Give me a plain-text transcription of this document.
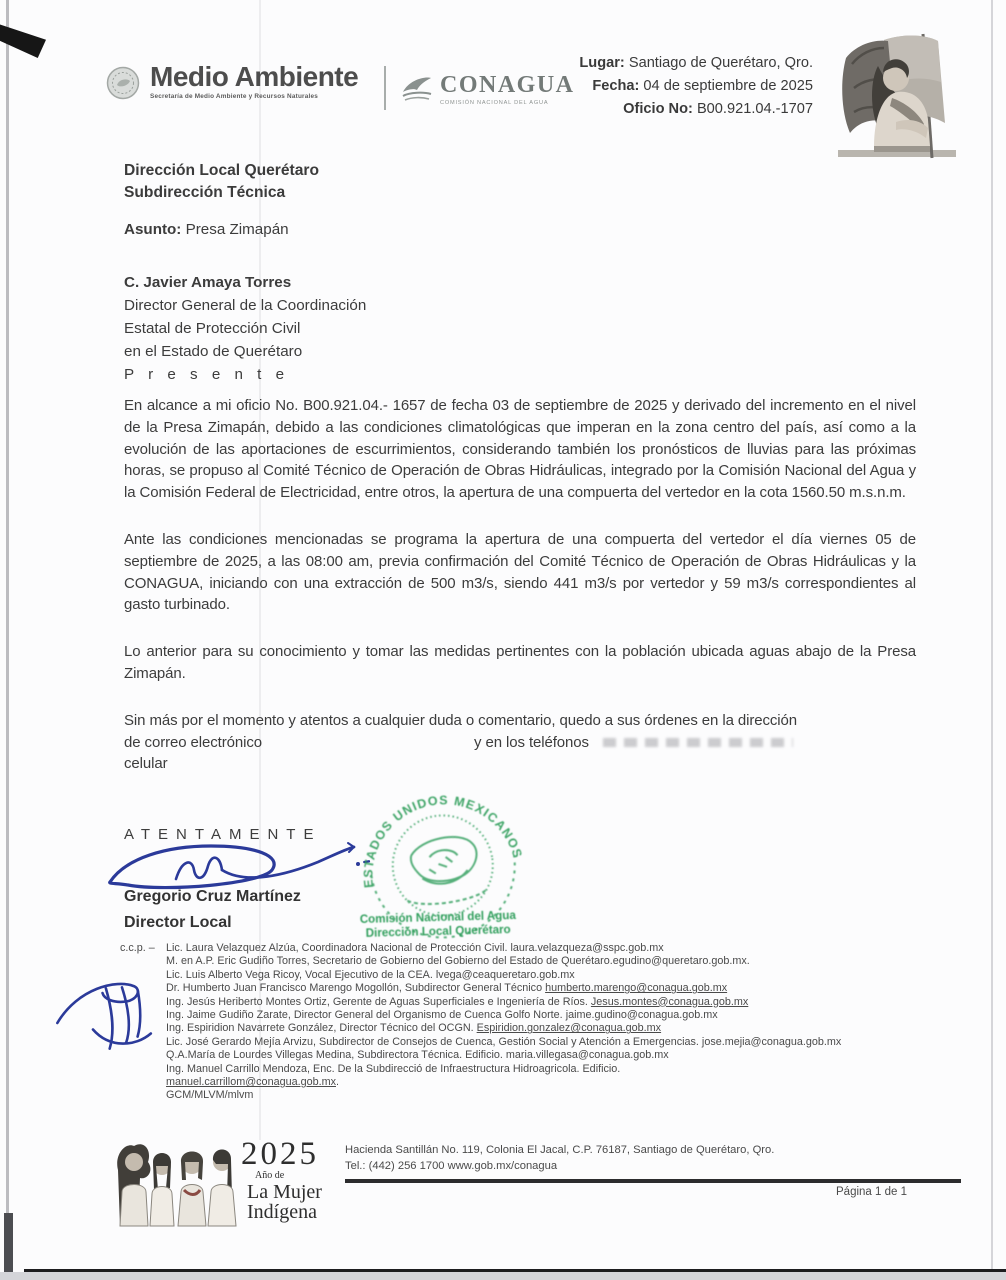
Medio Ambiente
Secretaría de Medio Ambiente y Recursos Naturales	CONAGUA
COMISIÓN NACIONAL DEL AGUA
Lugar: Santiago de Querétaro, Qro.
Fecha: 04 de septiembre de 2025
Oficio No: B00.921.04.-1707
Dirección Local Querétaro
Subdirección Técnica
Asunto: Presa Zimapán
C. Javier Amaya Torres
Director General de la Coordinación
Estatal de Protección Civil
en el Estado de Querétaro
P r e s e n t e

En alcance a mi oficio No. B00.921.04.- 1657 de fecha 03 de septiembre de 2025 y derivado del incremento en el nivel de la Presa Zimapán, debido a las condiciones climatológicas que imperan en la zona centro del país, así como a la evolución de las aportaciones de escurrimientos, considerando también los pronósticos de lluvias para las próximas horas, se propuso al Comité Técnico de Operación de Obras Hidráulicas, integrado por la Comisión Nacional del Agua y la Comisión Federal de Electricidad, entre otros, la apertura de una compuerta del vertedor en la cota 1560.50 m.s.n.m.

Ante las condiciones mencionadas se programa la apertura de una compuerta del vertedor el día viernes 05 de septiembre de 2025, a las 08:00 am, previa confirmación del Comité Técnico de Operación de Obras Hidráulicas y la CONAGUA, iniciando con una extracción de 500 m3/s, siendo 441 m3/s por vertedor y 59 m3/s correspondientes al gasto turbinado.

Lo anterior para su conocimiento y tomar las medidas pertinentes con la población ubicada aguas abajo de la Presa Zimapán.

Sin más por el momento y atentos a cualquier duda o comentario, quedo a sus órdenes en la dirección
de correo electrónico	y en los teléfonos
celular

ATENTAMENTE
ESTADOS UNIDOS MEXICANOS
Comisión Nacional del Agua
Dirección Local Querétaro
Gregorio Cruz Martínez
Director Local
c.c.p. – Lic. Laura Velazquez Alzúa, Coordinadora Nacional de Protección Civil. laura.velazqueza@sspc.gob.mx
M. en A.P. Eric Gudiño Torres, Secretario de Gobierno del Gobierno del Estado de Querétaro.egudino@queretaro.gob.mx.
Lic. Luis Alberto Vega Ricoy, Vocal Ejecutivo de la CEA. lvega@ceaqueretaro.gob.mx
Dr. Humberto Juan Francisco Marengo Mogollón, Subdirector General Técnico humberto.marengo@conagua.gob.mx
Ing. Jesús Heriberto Montes Ortiz, Gerente de Aguas Superficiales e Ingeniería de Ríos. Jesus.montes@conagua.gob.mx
Ing. Jaime Gudiño Zarate, Director General del Organismo de Cuenca Golfo Norte. jaime.gudino@conagua.gob.mx
Ing. Espiridion Navarrete González, Director Técnico del OCGN. Espiridion.gonzalez@conagua.gob.mx
Lic. José Gerardo Mejía Arvizu, Subdirector de Consejos de Cuenca, Gestión Social y Atención a Emergencias. jose.mejia@conagua.gob.mx
Q.A.María de Lourdes Villegas Medina, Subdirectora Técnica. Edificio. maria.villegasa@conagua.gob.mx
Ing. Manuel Carrillo Mendoza, Enc. De la Subdirecció de Infraestructura Hidroagricola. Edificio.
manuel.carrillom@conagua.gob.mx.
GCM/MLVM/mlvm
2025
Año de
La Mujer
Indígena
Hacienda Santillán No. 119, Colonia El Jacal, C.P. 76187, Santiago de Querétaro, Qro.
Tel.: (442) 256 1700 www.gob.mx/conagua
Página 1 de 1
